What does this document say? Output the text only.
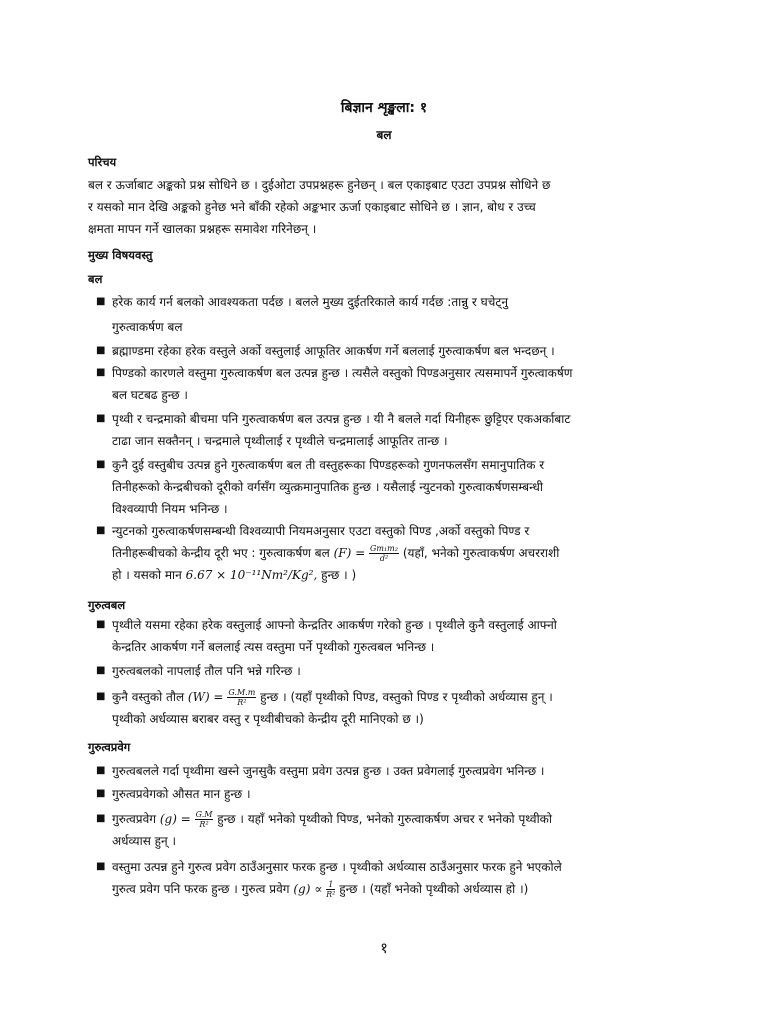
बिज्ञान शृङ्खला: १
बल
परिचय
बल र ऊर्जाबाट अङ्कको प्रश्न सोधिने छ । दुईओटा उपप्रश्नहरू हुनेछन् । बल एकाइबाट एउटा उपप्रश्न सोधिने छ
र यसको मान देखि अङ्कको हुनेछ भने बाँकी रहेको अङ्कभार ऊर्जा एकाइबाट सोधिने छ । ज्ञान, बोध र उच्च
क्षमता मापन गर्ने खालका प्रश्नहरू समावेश गरिनेछन् ।
मुख्य विषयवस्तु
बल
■ हरेक कार्य गर्न बलको आवश्यकता पर्दछ । बलले मुख्य दुईतरिकाले कार्य गर्दछ :तान्नु र घचेट्नु
गुरुत्वाकर्षण बल
■ ब्रह्माण्डमा रहेका हरेक वस्तुले अर्को वस्तुलाई आफूतिर आकर्षण गर्ने बललाई गुरुत्वाकर्षण बल भन्दछन् ।
■ पिण्डको कारणले वस्तुमा गुरुत्वाकर्षण बल उत्पन्न हुन्छ । त्यसैले वस्तुको पिण्डअनुसार त्यसमापर्ने गुरुत्वाकर्षण
बल घटबढ हुन्छ ।
■ पृथ्वी र चन्द्रमाको बीचमा पनि गुरुत्वाकर्षण बल उत्पन्न हुन्छ । यी नै बलले गर्दा यिनीहरू छुट्टिएर एकअर्काबाट
टाढा जान सक्तैनन् । चन्द्रमाले पृथ्वीलाई र पृथ्वीले चन्द्रमालाई आफूतिर तान्छ ।
■ कुनै दुई वस्तुबीच उत्पन्न हुने गुरुत्वाकर्षण बल ती वस्तुहरूका पिण्डहरूको गुणनफलसँग समानुपातिक र
तिनीहरूको केन्द्रबीचको दूरीको वर्गसँग व्युत्क्रमानुपातिक हुन्छ । यसैलाई न्युटनको गुरुत्वाकर्षणसम्बन्धी
विश्वव्यापी नियम भनिन्छ ।
■ न्युटनको गुरुत्वाकर्षणसम्बन्धी विश्वव्यापी नियमअनुसार एउटा वस्तुको पिण्ड ,अर्को वस्तुको पिण्ड र
तिनीहरूबीचको केन्द्रीय दूरी भए : गुरुत्वाकर्षण बल $(F) = \frac{\text{Gm₁m₂}}{\text{d²}}$ (यहाँ, भनेको गुरुत्वाकर्षण अचरराशी
हो । यसको मान 6.67 × 10⁻¹¹Nm²/Kg², हुन्छ । )
गुरुत्वबल
■ पृथ्वीले यसमा रहेका हरेक वस्तुलाई आफ्नो केन्द्रतिर आकर्षण गरेको हुन्छ । पृथ्वीले कुनै वस्तुलाई आफ्नो
केन्द्रतिर आकर्षण गर्ने बललाई त्यस वस्तुमा पर्ने पृथ्वीको गुरुत्वबल भनिन्छ ।
■ गुरुत्वबलको नापलाई तौल पनि भन्ने गरिन्छ ।
■ कुनै वस्तुको तौल $(W) = \frac{G.M.m}{\text{R²}}$ हुन्छ । (यहाँ पृथ्वीको पिण्ड, वस्तुको पिण्ड र पृथ्वीको अर्धव्यास हुन् ।
पृथ्वीको अर्धव्यास बराबर वस्तु र पृथ्वीबीचको केन्द्रीय दूरी मानिएको छ ।)
गुरुत्वप्रवेग
■ गुरुत्वबलले गर्दा पृथ्वीमा खस्ने जुनसुकै वस्तुमा प्रवेग उत्पन्न हुन्छ । उक्त प्रवेगलाई गुरुत्वप्रवेग भनिन्छ ।
■ गुरुत्वप्रवेगको औसत मान हुन्छ ।
■ गुरुत्वप्रवेग $(g) = \frac{G.M}{\text{R²}}$ हुन्छ । यहाँ भनेको पृथ्वीको पिण्ड, भनेको गुरुत्वाकर्षण अचर र भनेको पृथ्वीको
अर्धव्यास हुन् ।
■ वस्तुमा उत्पन्न हुने गुरुत्व प्रवेग ठाउँअनुसार फरक हुन्छ । पृथ्वीको अर्धव्यास ठाउँअनुसार फरक हुने भएकोले
गुरुत्व प्रवेग पनि फरक हुन्छ । गुरुत्व प्रवेग $(g) \propto \frac{1}{\text{R²}}$ हुन्छ । (यहाँ भनेको पृथ्वीको अर्धव्यास हो ।)
१
